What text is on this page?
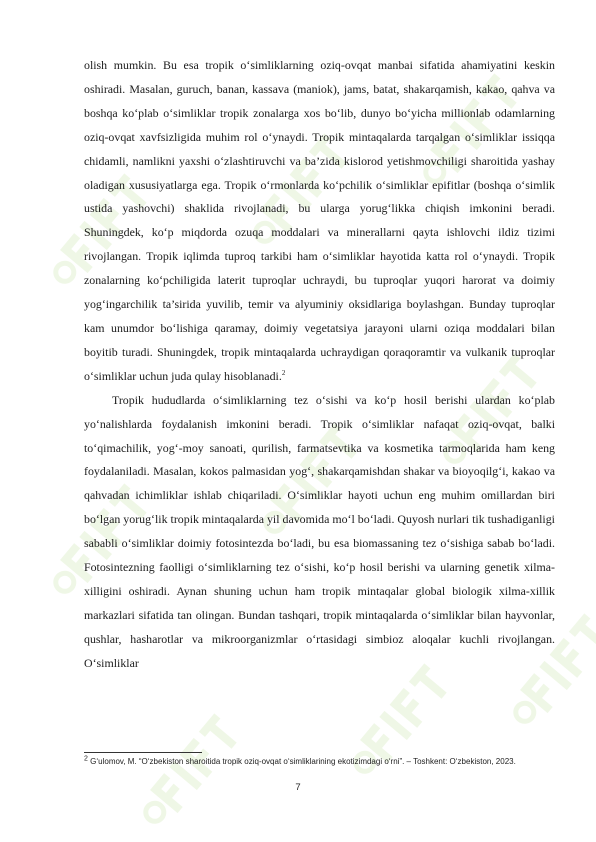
olish mumkin. Bu esa tropik o‘simliklarning oziq-ovqat manbai sifatida ahamiyatini keskin oshiradi. Masalan, guruch, banan, kassava (maniok), jams, batat, shakarqamish, kakao, qahva va boshqa ko‘plab o‘simliklar tropik zonalarga xos bo‘lib, dunyo bo‘yicha millionlab odamlarning oziq-ovqat xavfsizligida muhim rol o‘ynaydi. Tropik mintaqalarda tarqalgan o‘simliklar issiqqa chidamli, namlikni yaxshi o‘zlashtiruvchi va ba’zida kislorod yetishmovchiligi sharoitida yashay oladigan xususiyatlarga ega. Tropik o‘rmonlarda ko‘pchilik o‘simliklar epifitlar (boshqa o‘simlik ustida yashovchi) shaklida rivojlanadi, bu ularga yorug‘likka chiqish imkonini beradi. Shuningdek, ko‘p miqdorda ozuqa moddalari va minerallarni qayta ishlovchi ildiz tizimi rivojlangan. Tropik iqlimda tuproq tarkibi ham o‘simliklar hayotida katta rol o‘ynaydi. Tropik zonalarning ko‘pchiligida laterit tuproqlar uchraydi, bu tuproqlar yuqori harorat va doimiy yog‘ingarchilik ta’sirida yuvilib, temir va alyuminiy oksidlariga boylashgan. Bunday tuproqlar kam unumdor bo‘lishiga qaramay, doimiy vegetatsiya jarayoni ularni oziqa moddalari bilan boyitib turadi. Shuningdek, tropik mintaqalarda uchraydigan qoraqoramtir va vulkanik tuproqlar o‘simliklar uchun juda qulay hisoblanadi.$^2$

Tropik hududlarda o‘simliklarning tez o‘sishi va ko‘p hosil berishi ulardan ko‘plab yo‘nalishlarda foydalanish imkonini beradi. Tropik o‘simliklar nafaqat oziq-ovqat, balki to‘qimachilik, yog‘-moy sanoati, qurilish, farmatsevtika va kosmetika tarmoqlarida ham keng foydalaniladi. Masalan, kokos palmasidan yog‘, shakarqamishdan shakar va bioyoqilg‘i, kakao va qahvadan ichimliklar ishlab chiqariladi. O‘simliklar hayoti uchun eng muhim omillardan biri bo‘lgan yorug‘lik tropik mintaqalarda yil davomida mo‘l bo‘ladi. Quyosh nurlari tik tushadiganligi sababli o‘simliklar doimiy fotosintezda bo‘ladi, bu esa biomassaning tez o‘sishiga sabab bo‘ladi. Fotosintezning faolligi o‘simliklarning tez o‘sishi, ko‘p hosil berishi va ularning genetik xilma-xilligini oshiradi. Aynan shuning uchun ham tropik mintaqalar global biologik xilma-xillik markazlari sifatida tan olingan. Bundan tashqari, tropik mintaqalarda o‘simliklar bilan hayvonlar, qushlar, hasharotlar va mikroorganizmlar o‘rtasidagi simbioz aloqalar kuchli rivojlangan. O‘simliklar

$^2$ G‘ulomov, M. “O‘zbekiston sharoitida tropik oziq-ovqat o‘simliklarining ekotizimdagi o‘rni”. – Toshkent: O‘zbekiston, 2023.
7
